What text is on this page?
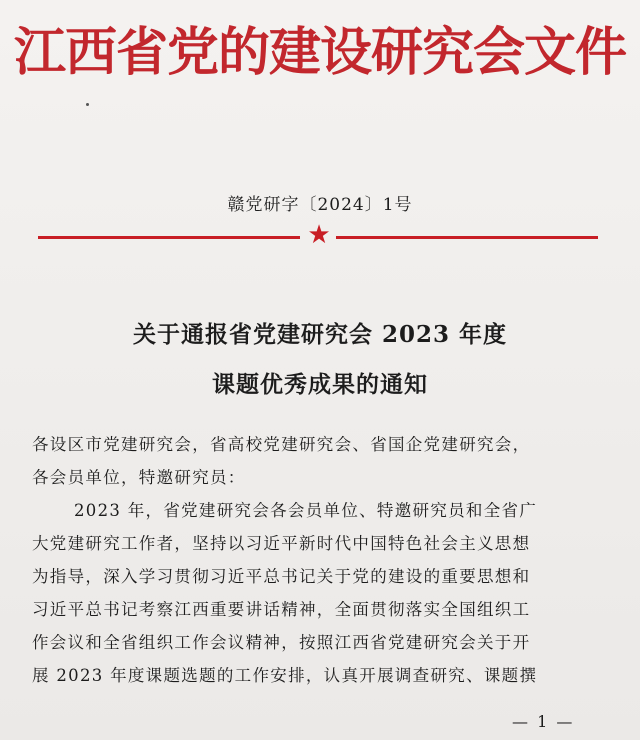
江西省党的建设研究会文件
赣党研字〔2024〕1号
★
关于通报省党建研究会 2023 年度
课题优秀成果的通知

各设区市党建研究会，省高校党建研究会、省国企党建研究会，

各会员单位，特邀研究员：

2023 年，省党建研究会各会员单位、特邀研究员和全省广

大党建研究工作者，坚持以习近平新时代中国特色社会主义思想

为指导，深入学习贯彻习近平总书记关于党的建设的重要思想和

习近平总书记考察江西重要讲话精神，全面贯彻落实全国组织工

作会议和全省组织工作会议精神，按照江西省党建研究会关于开

展 2023 年度课题选题的工作安排，认真开展调查研究、课题撰

— 1 —
